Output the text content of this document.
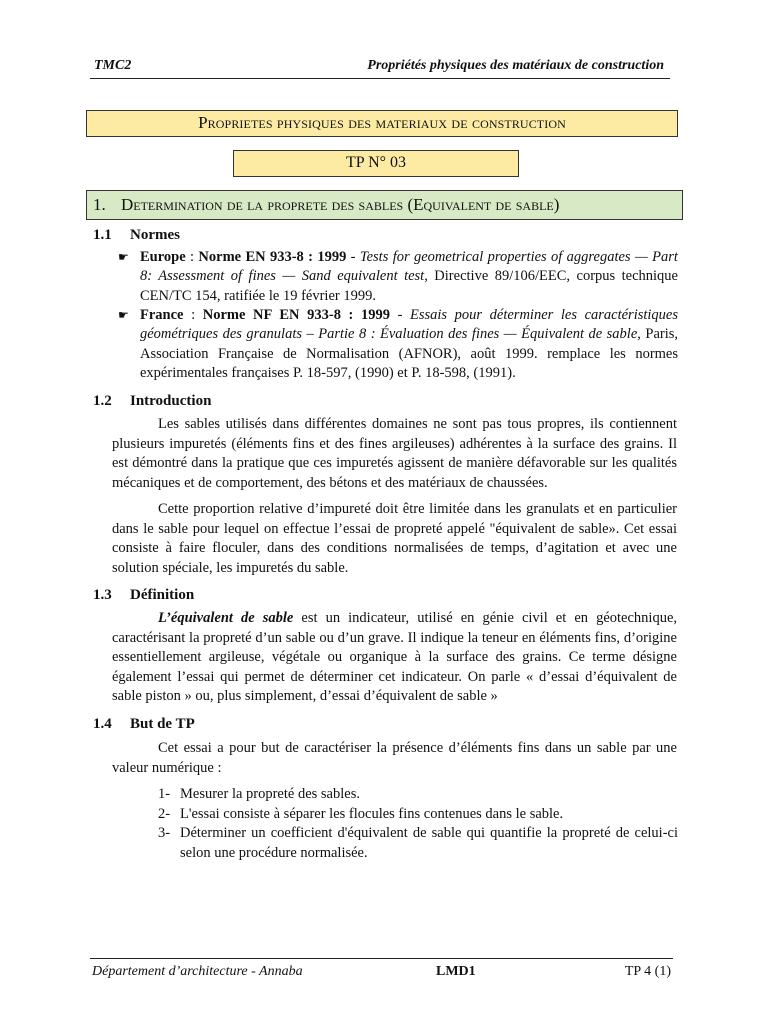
TMC2	Propriétés physiques des matériaux de construction
Proprietes physiques des materiaux de construction
TP N° 03
1. Determination de la proprete des sables (Equivalent de sable)
1.1 Normes
☛ Europe : Norme EN 933-8 : 1999 - Tests for geometrical properties of aggregates — Part 8: Assessment of fines — Sand equivalent test, Directive 89/106/EEC, corpus technique CEN/TC 154, ratifiée le 19 février 1999.
☛ France : Norme NF EN 933-8 : 1999 - Essais pour déterminer les caractéristiques géométriques des granulats – Partie 8 : Évaluation des fines — Équivalent de sable, Paris, Association Française de Normalisation (AFNOR), août 1999. remplace les normes expérimentales françaises P. 18-597, (1990) et P. 18-598, (1991).
1.2 Introduction

Les sables utilisés dans différentes domaines ne sont pas tous propres, ils contiennent plusieurs impuretés (éléments fins et des fines argileuses) adhérentes à la surface des grains. Il est démontré dans la pratique que ces impuretés agissent de manière défavorable sur les qualités mécaniques et de comportement, des bétons et des matériaux de chaussées.

Cette proportion relative d’impureté doit être limitée dans les granulats et en particulier dans le sable pour lequel on effectue l’essai de propreté appelé "équivalent de sable». Cet essai consiste à faire floculer, dans des conditions normalisées de temps, d’agitation et avec une solution spéciale, les impuretés du sable.

1.3 Définition

L’équivalent de sable est un indicateur, utilisé en génie civil et en géotechnique, caractérisant la propreté d’un sable ou d’un grave. Il indique la teneur en éléments fins, d’origine essentiellement argileuse, végétale ou organique à la surface des grains. Ce terme désigne également l’essai qui permet de déterminer cet indicateur. On parle « d’essai d’équivalent de sable piston » ou, plus simplement, d’essai d’équivalent de sable »

1.4 But de TP

Cet essai a pour but de caractériser la présence d’éléments fins dans un sable par une valeur numérique :

1- Mesurer la propreté des sables.
2- L'essai consiste à séparer les flocules fins contenues dans le sable.
3- Déterminer un coefficient d'équivalent de sable qui quantifie la propreté de celui-ci selon une procédure normalisée.
Département d’architecture - Annaba	LMD1	TP 4 (1)
